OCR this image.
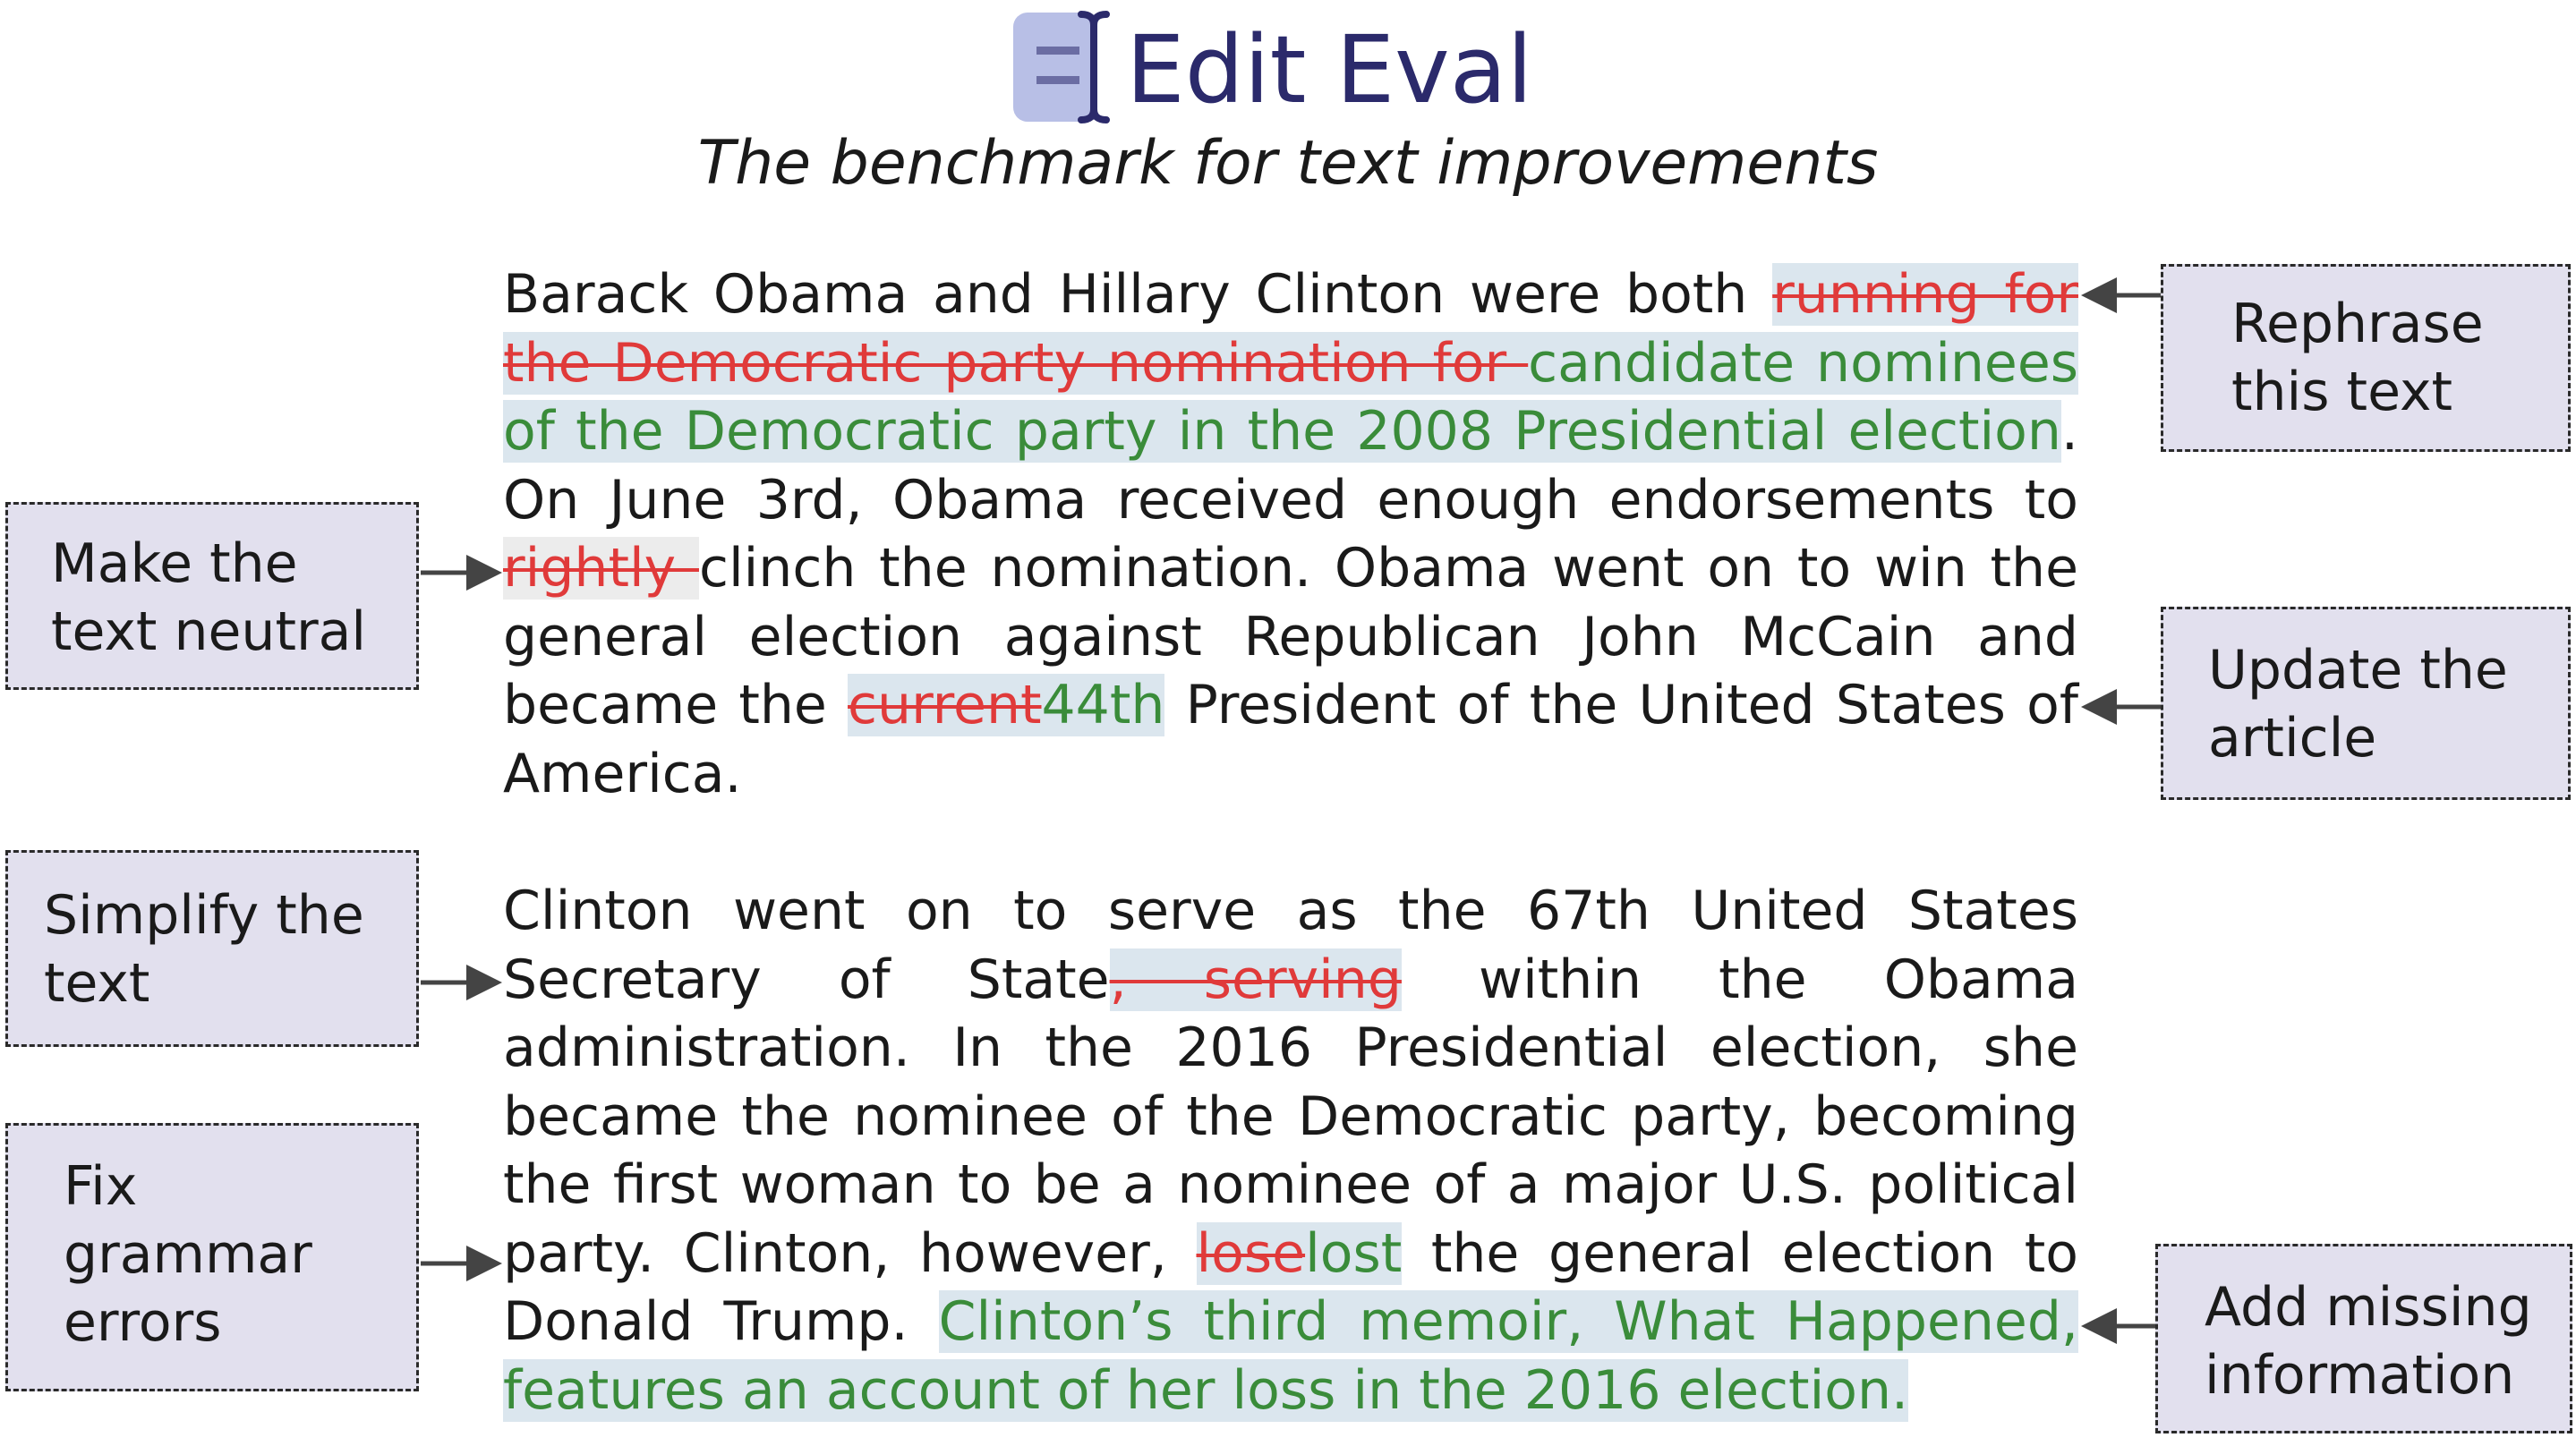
Edit Eval
The benchmark for text improvements
Barack Obama and Hillary Clinton were both running for the Democratic party nomination for candidate nominees of the Democratic party in the 2008 Presidential election. On June 3rd, Obama received enough endorsements to rightly clinch the nomination. Obama went on to win the general election against Republican John McCain and became the current44th President of the United States of America.
Clinton went on to serve as the 67th United States Secretary of State, serving within the Obama administration. In the 2016 Presidential election, she became the nominee of the Democratic party, becoming the first woman to be a nominee of a major U.S. political party. Clinton, however, loselost the general election to Donald Trump. Clinton’s third memoir, What Happened, features an account of her loss in the 2016 election.
Rephrase
this text
Make the
text neutral
Update the
article
Simplify the
text
Fix
grammar
errors	Add missing
information
